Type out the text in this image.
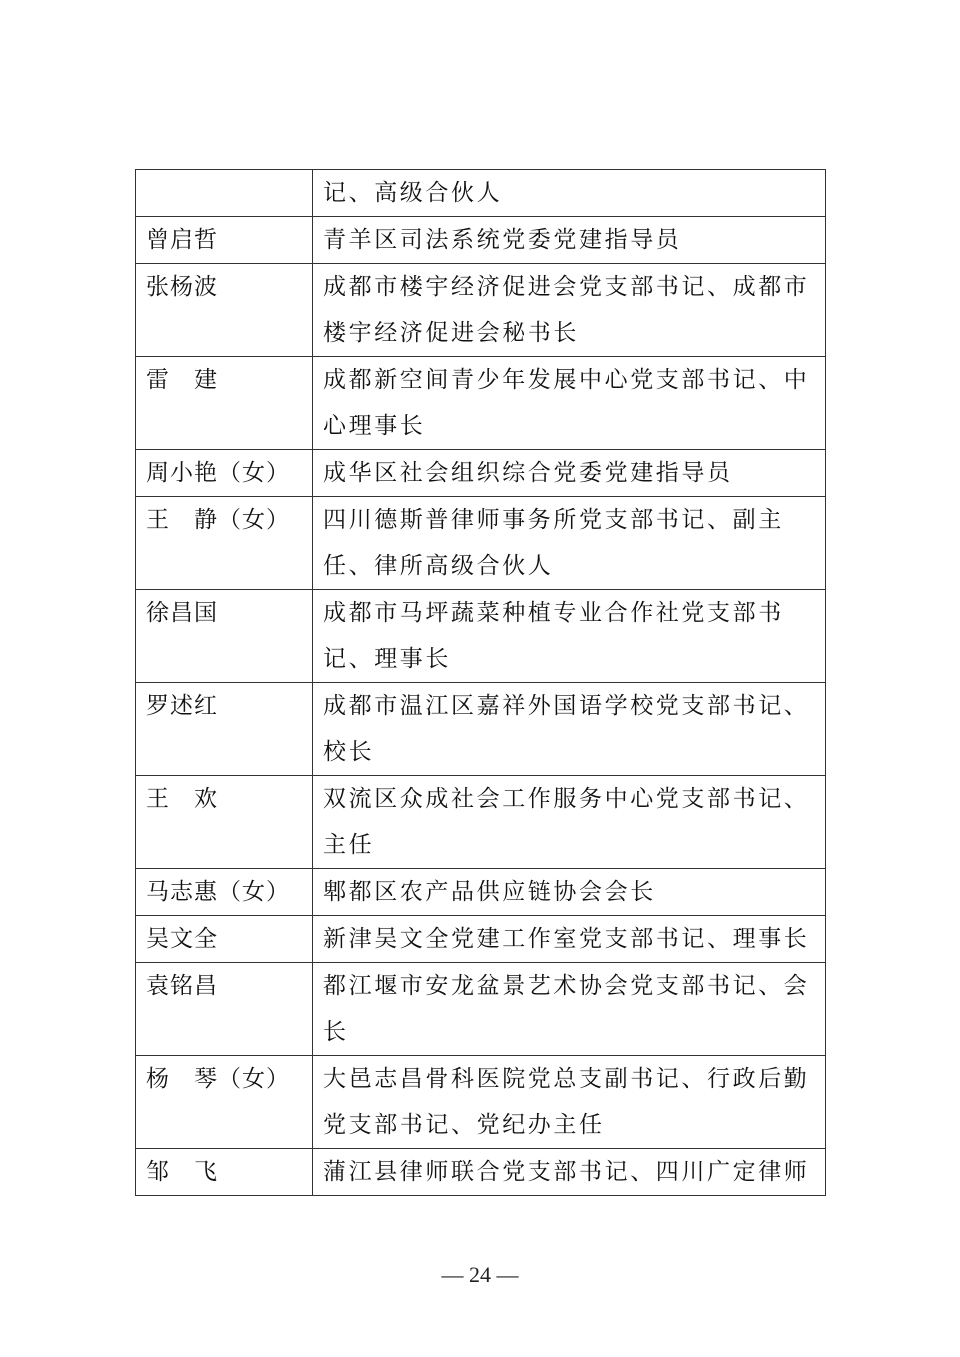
	记、高级合伙人

曾启哲	青羊区司法系统党委党建指导员

张杨波	成都市楼宇经济促进会党支部书记、成都市
楼宇经济促进会秘书长

雷　建	成都新空间青少年发展中心党支部书记、中
心理事长

周小艳（女）	成华区社会组织综合党委党建指导员

王　静（女）	四川德斯普律师事务所党支部书记、副主
任、律所高级合伙人

徐昌国	成都市马坪蔬菜种植专业合作社党支部书
记、理事长

罗述红	成都市温江区嘉祥外国语学校党支部书记、
校长

王　欢	双流区众成社会工作服务中心党支部书记、
主任

马志惠（女）	郫都区农产品供应链协会会长

吴文全	新津吴文全党建工作室党支部书记、理事长

袁铭昌	都江堰市安龙盆景艺术协会党支部书记、会
长

杨　琴（女）	大邑志昌骨科医院党总支副书记、行政后勤
党支部书记、党纪办主任

邹　飞	蒲江县律师联合党支部书记、四川广定律师
— 24 —
